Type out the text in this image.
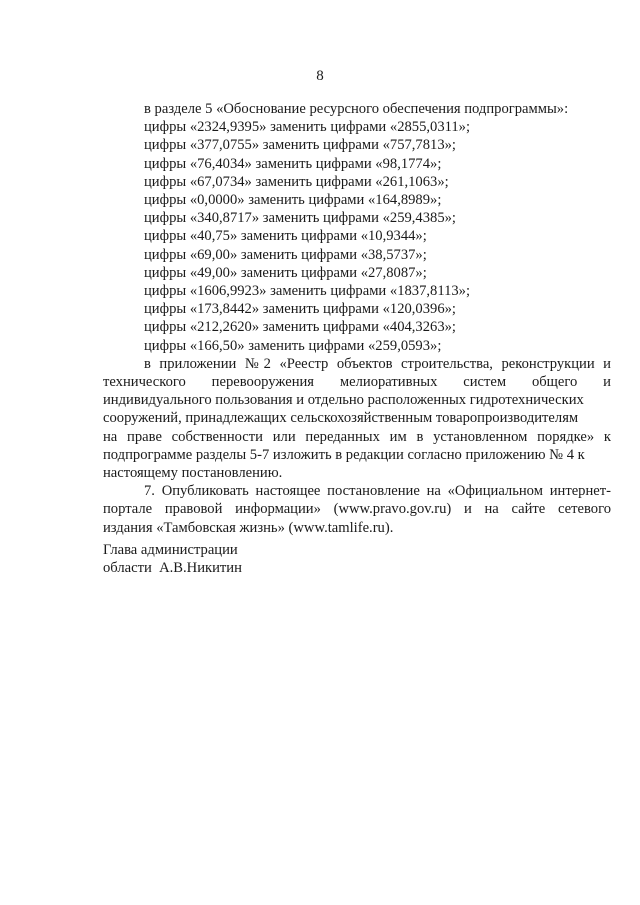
8
в разделе 5 «Обоснование ресурсного обеспечения подпрограммы»:
цифры «2324,9395» заменить цифрами «2855,0311»;
цифры «377,0755» заменить цифрами «757,7813»;
цифры «76,4034» заменить цифрами «98,1774»;
цифры «67,0734» заменить цифрами «261,1063»;
цифры «0,0000» заменить цифрами «164,8989»;
цифры «340,8717» заменить цифрами «259,4385»;
цифры «40,75» заменить цифрами «10,9344»;
цифры «69,00» заменить цифрами «38,5737»;
цифры «49,00» заменить цифрами «27,8087»;
цифры «1606,9923» заменить цифрами «1837,8113»;
цифры «173,8442» заменить цифрами «120,0396»;
цифры «212,2620» заменить цифрами «404,3263»;
цифры «166,50» заменить цифрами «259,0593»;
в приложении №2 «Реестр объектов строительства, реконструкции и
технического перевооружения мелиоративных систем общего и
индивидуального пользования и отдельно расположенных гидротехнических
сооружений, принадлежащих сельскохозяйственным товаропроизводителям
на праве собственности или переданных им в установленном порядке» к
подпрограмме разделы 5-7 изложить в редакции согласно приложению № 4 к
настоящему постановлению.
7. Опубликовать настоящее постановление на «Официальном интернет-
портале правовой информации» (www.pravo.gov.ru) и на сайте сетевого
издания «Тамбовская жизнь» (www.tamlife.ru).
Глава администрации
области  А.В.Никитин
